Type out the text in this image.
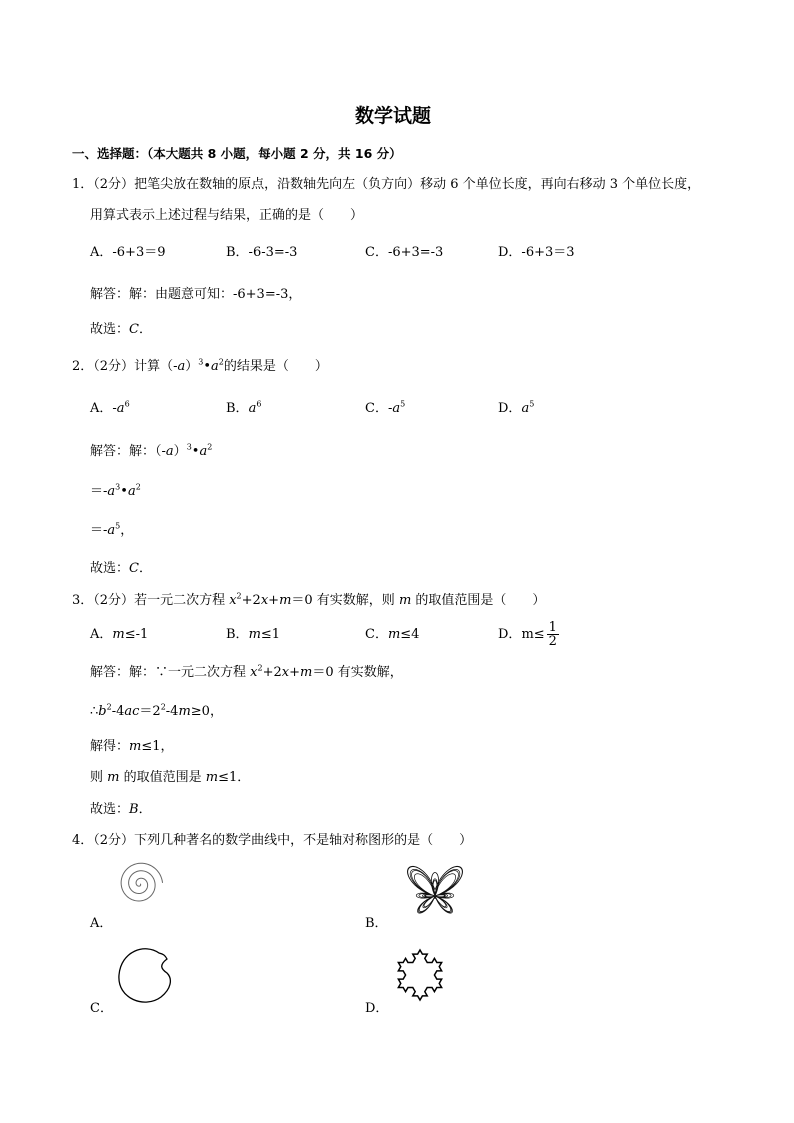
数学试题
一、选择题：（本大题共 8 小题，每小题 2 分，共 16 分）
1．（2分）把笔尖放在数轴的原点，沿数轴先向左（负方向）移动 6 个单位长度，再向右移动 3 个单位长度，
用算式表示上述过程与结果，正确的是（　　）
A．-6+3＝9	B．-6-3=-3	C．-6+3=-3	D．-6+3＝3
解答：解：由题意可知：-6+3=-3，
故选：C．
2．（2分）计算$(-a)^3•a^2$的结果是（　　）
A．$-a^6$	B．$a^6$	C．$-a^5$	D．$a^5$
解答：解：$(-a)^3•a^2$
$=-a^3•a^2$
$=-a^5$，
故选：C．
3．（2分）若一元二次方程 $x^2+2x+m=0$ 有实数解，则 m 的取值范围是（　　）
A．m≤-1	B．m≤1	C．m≤4	D．$m\le \frac{1}{2}$
解答：解：∵一元二次方程 $x^2+2x+m=0$ 有实数解，
$\therefore b^2-4ac=2^2-4m\ge 0$，
解得：m≤1，
则 m 的取值范围是 m≤1．
故选：B．
4．（2分）下列几种著名的数学曲线中，不是轴对称图形的是（　　）
A．	B．
C．	D．
